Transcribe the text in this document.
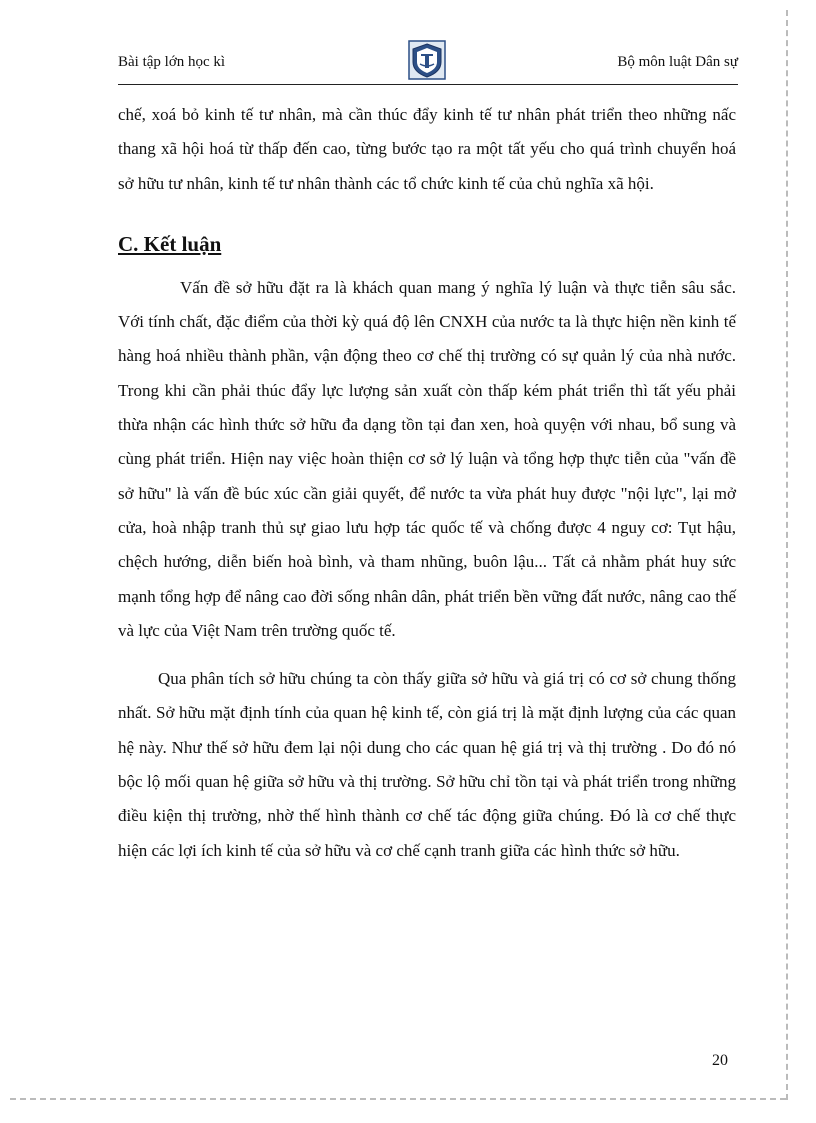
Bài tập lớn học kì	Bộ môn luật Dân sự

chế, xoá bỏ kinh tế tư nhân, mà cần thúc đẩy kinh tế tư nhân phát triển theo những nấc thang xã hội hoá từ thấp đến cao, từng bước tạo ra một tất yếu cho quá trình chuyển hoá sở hữu tư nhân, kinh tế tư nhân thành các tổ chức kinh tế của chủ nghĩa xã hội.

C. Kết luận

Vấn đề sở hữu đặt ra là khách quan mang ý nghĩa lý luận và thực tiễn sâu sắc. Với tính chất, đặc điểm của thời kỳ quá độ lên CNXH của nước ta là thực hiện nền kinh tế hàng hoá nhiều thành phần, vận động theo cơ chế thị trường có sự quản lý của nhà nước. Trong khi cần phải thúc đẩy lực lượng sản xuất còn thấp kém phát triển thì tất yếu phải thừa nhận các hình thức sở hữu đa dạng tồn tại đan xen, hoà quyện với nhau, bổ sung và cùng phát triển. Hiện nay việc hoàn thiện cơ sở lý luận và tổng hợp thực tiễn của "vấn đề sở hữu" là vấn đề búc xúc cần giải quyết, để nước ta vừa phát huy được "nội lực", lại mở cửa, hoà nhập tranh thủ sự giao lưu hợp tác quốc tế và chống được 4 nguy cơ: Tụt hậu, chệch hướng, diễn biến hoà bình, và tham nhũng, buôn lậu... Tất cả nhằm phát huy sức mạnh tổng hợp để nâng cao đời sống nhân dân, phát triển bền vững đất nước, nâng cao thế và lực của Việt Nam trên trường quốc tế.

Qua phân tích sở hữu chúng ta còn thấy giữa sở hữu và giá trị có cơ sở chung thống nhất. Sở hữu mặt định tính của quan hệ kinh tế, còn giá trị là mặt định lượng của các quan hệ này. Như thế sở hữu đem lại nội dung cho các quan hệ giá trị và thị trường . Do đó nó bộc lộ mối quan hệ giữa sở hữu và thị trường. Sở hữu chỉ tồn tại và phát triển trong những điều kiện thị trường, nhờ thế hình thành cơ chế tác động giữa chúng. Đó là cơ chế thực hiện các lợi ích kinh tế của sở hữu và cơ chế cạnh tranh giữa các hình thức sở hữu.

20
